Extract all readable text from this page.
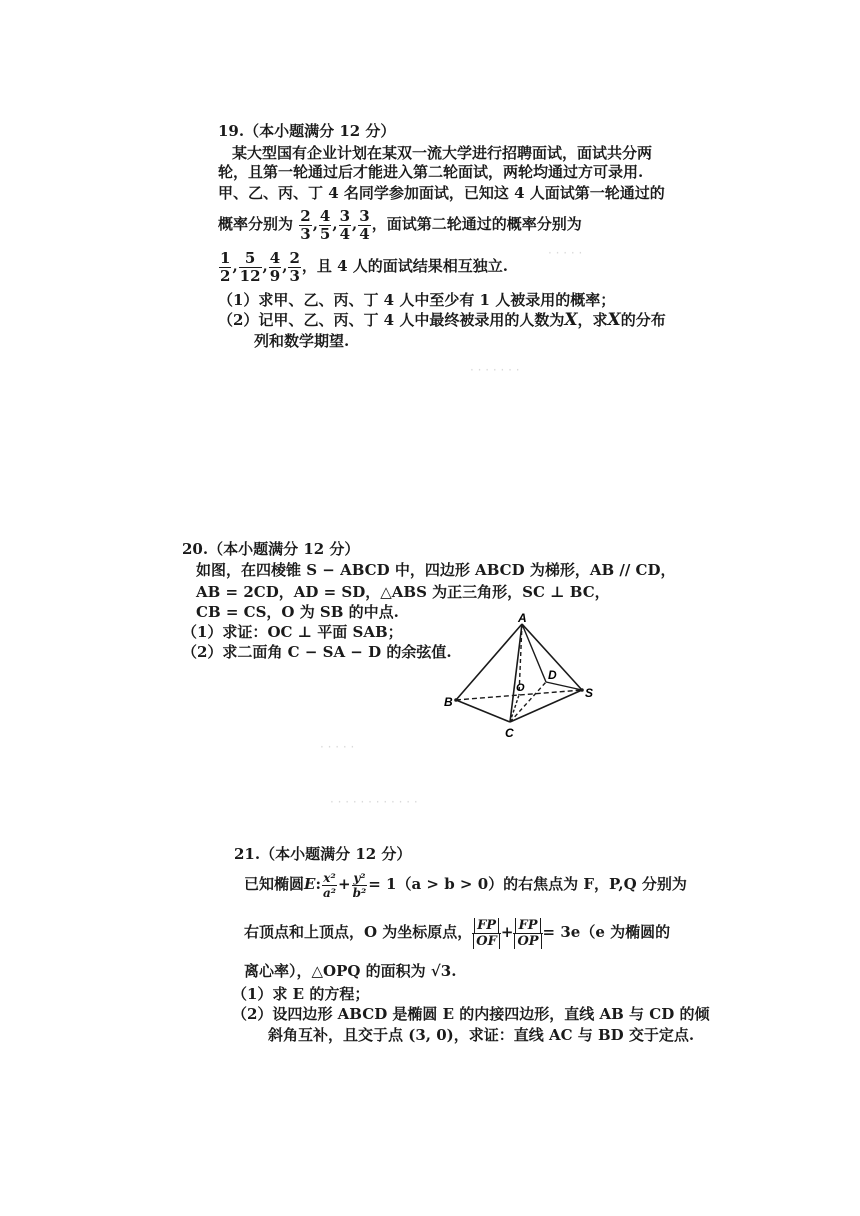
· · · · ·
· · · · · · ·
· · · · ·
· · · · · · · · · · · ·
19.（本小题满分 12 分）
某大型国有企业计划在某双一流大学进行招聘面试，面试共分两
轮，且第一轮通过后才能进入第二轮面试，两轮均通过方可录用.
甲、乙、丙、丁 4 名同学参加面试，已知这 4 人面试第一轮通过的
概率分别为 $\frac{2}{3}$ , $\frac{4}{5}$ , $\frac{3}{4}$ , $\frac{3}{4}$ ，面试第二轮通过的概率分别为
$\frac{1}{2}$ , $\frac{5}{12}$ , $\frac{4}{9}$ , $\frac{2}{3}$ ，且 4 人的面试结果相互独立.
（1）求甲、乙、丙、丁 4 人中至少有 1 人被录用的概率；
（2）记甲、乙、丙、丁 4 人中最终被录用的人数为X，求X的分布
列和数学期望.
20.（本小题满分 12 分）
如图，在四棱锥 S − ABCD 中，四边形 ABCD 为梯形，AB // CD，
AB = 2CD，AD = SD，△ABS 为正三角形，SC ⊥ BC，
CB = CS，O 为 SB 的中点.
（1）求证：OC ⊥ 平面 SAB；
（2）求二面角 C − SA − D 的余弦值.
A
B
C
D
O	S
21.（本小题满分 12 分）
已知椭圆E: $\frac{\text{x²}}{\text{a²}} + \frac{\text{y²}}{\text{b²}} = 1(a > b > 0)$的右焦点为 F，P,Q 分别为
右顶点和上顶点，O 为坐标原点， $\frac{FP}{OF} + \frac{FP}{OP} = 3e(e$ 为椭圆的
离心率），△OPQ 的面积为 √3.
（1）求 E 的方程；
（2）设四边形 ABCD 是椭圆 E 的内接四边形，直线 AB 与 CD 的倾
斜角互补，且交于点 (3, 0)，求证：直线 AC 与 BD 交于定点.
